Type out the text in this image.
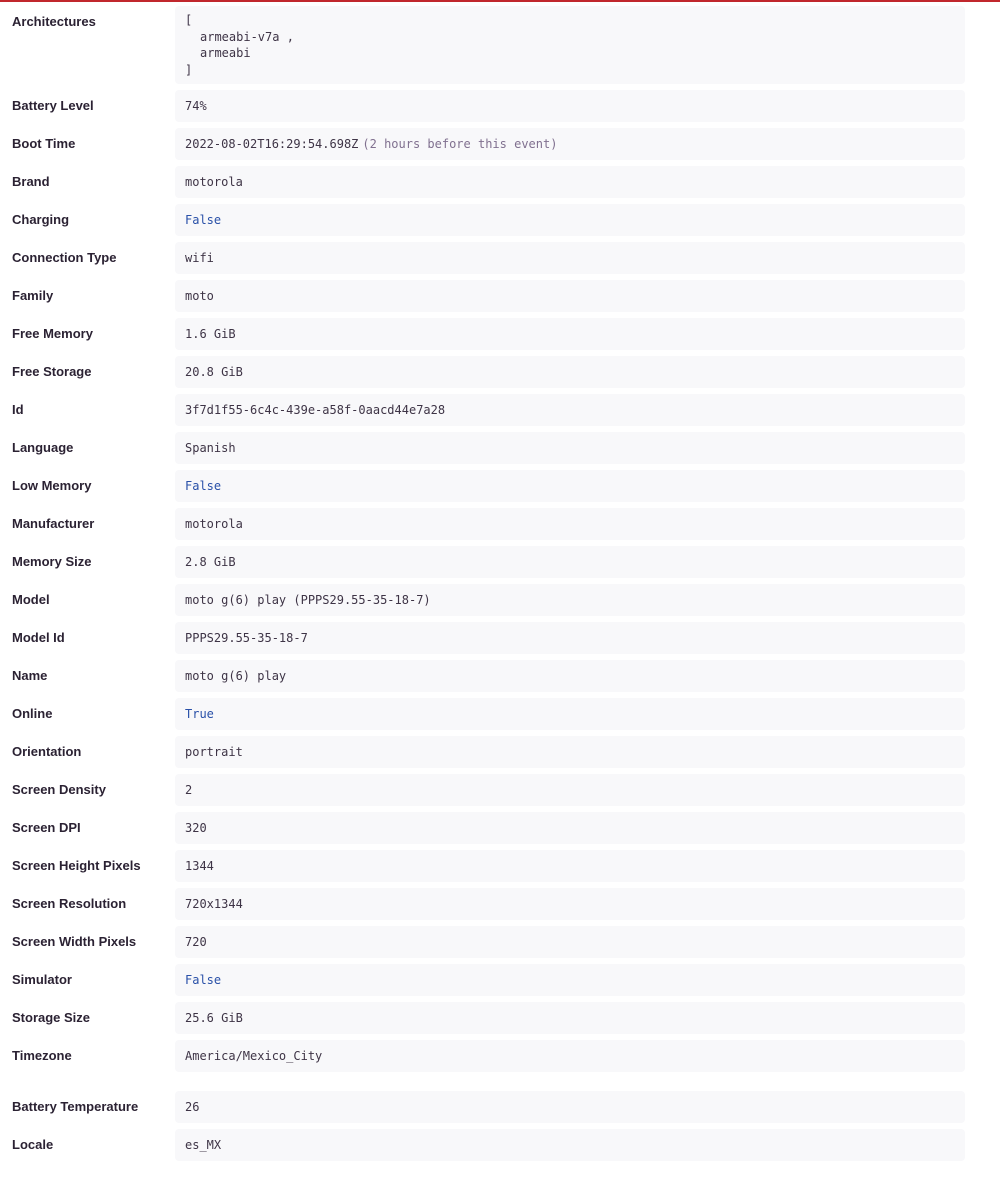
Architectures	[
armeabi-v7a ,
armeabi
]
Battery Level	74%
Boot Time	2022-08-02T16:29:54.698Z (2 hours before this event)
Brand	motorola
Charging	False
Connection Type	wifi
Family	moto
Free Memory	1.6 GiB
Free Storage	20.8 GiB
Id	3f7d1f55-6c4c-439e-a58f-0aacd44e7a28
Language	Spanish
Low Memory	False
Manufacturer	motorola
Memory Size	2.8 GiB
Model	moto g(6) play (PPPS29.55-35-18-7)
Model Id	PPPS29.55-35-18-7
Name	moto g(6) play
Online	True
Orientation	portrait
Screen Density	2
Screen DPI	320
Screen Height Pixels	1344
Screen Resolution	720x1344
Screen Width Pixels	720
Simulator	False
Storage Size	25.6 GiB
Timezone	America/Mexico_City
Battery Temperature	26
Locale	es_MX
